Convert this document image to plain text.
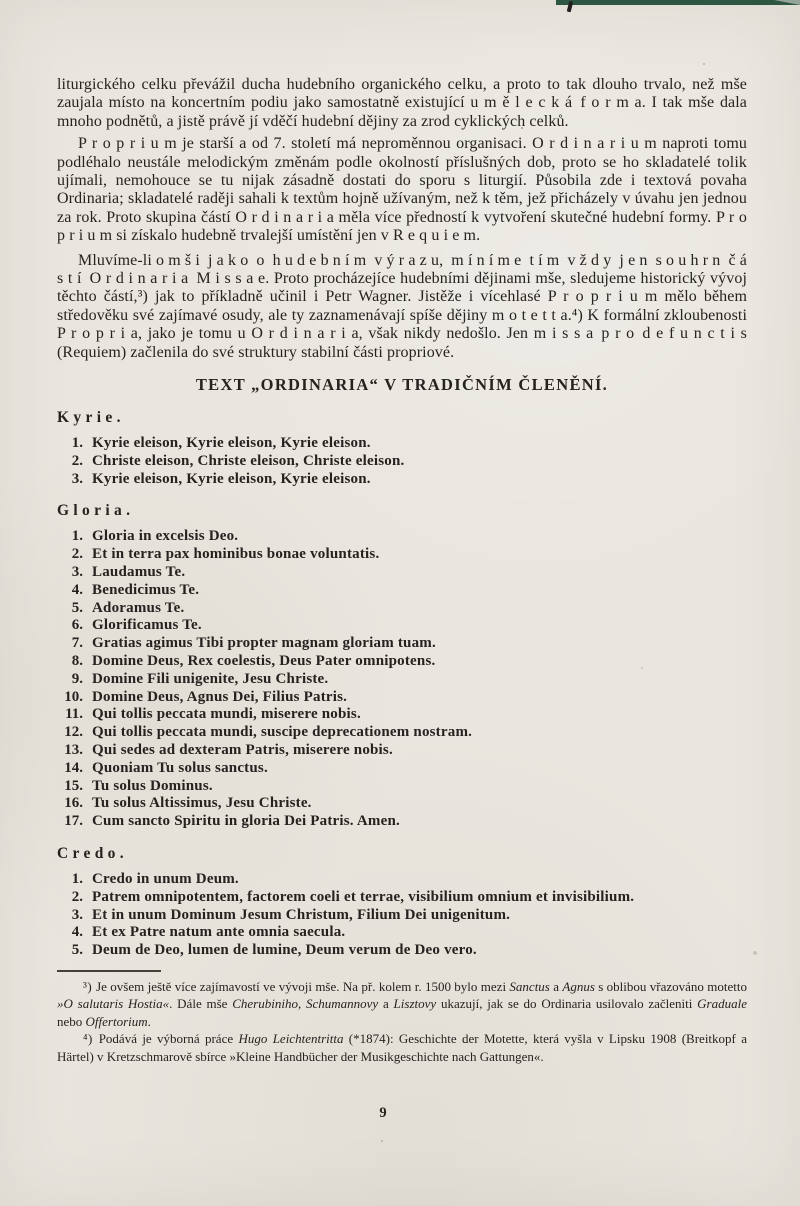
liturgického celku převážil ducha hudebního organického celku, a proto to tak dlouho trvalo, než mše zaujala místo na koncertním podiu jako samostatně existující u m ě l e c k á f o r m a. I tak mše dala mnoho podnětů, a jistě právě jí vděčí hudební dějiny za zrod cyklických celků.

P r o p r i u m je starší a od 7. století má neproměnnou organisaci. O r d i n a r i u m naproti tomu podléhalo neustále melodickým změnám podle okolností příslušných dob, proto se ho skladatelé tolik ujímali, nemohouce se tu nijak zásadně dostati do sporu s liturgií. Působila zde i textová povaha Ordinaria; skladatelé raději sahali k textům hojně užívaným, než k těm, jež přicházely v úvahu jen jednou za rok. Proto skupina částí O r d i n a r i a měla více předností k vytvoření skutečné hudební formy. P r o p r i u m si získalo hudebně trvalejší umístění jen v R e q u i e m.

Mluvíme-li o m š i j a k o o h u d e b n í m v ý r a z u, m í n í m e t í m v ž d y j e n s o u h r n č á s t í O r d i n a r i a M i s s a e. Proto procházejíce hudebními dějinami mše, sledujeme historický vývoj těchto částí,³) jak to příkladně učinil i Petr Wagner. Jistěže i vícehlasé P r o p r i u m mělo během středověku své zajímavé osudy, ale ty zaznamenávají spíše dějiny m o t e t t a.⁴) K formální zkloubenosti P r o p r i a, jako je tomu u O r d i n a r i a, však nikdy nedošlo. Jen m i s s a p r o d e f u n c t i s (Requiem) začlenila do své struktury stabilní části propriové.

TEXT „ORDINARIA“ V TRADIČNÍM ČLENĚNÍ.
Kyrie.
1. Kyrie eleison, Kyrie eleison, Kyrie eleison.
2. Christe eleison, Christe eleison, Christe eleison.
3. Kyrie eleison, Kyrie eleison, Kyrie eleison.
Gloria.
1. Gloria in excelsis Deo.
2. Et in terra pax hominibus bonae voluntatis.
3. Laudamus Te.
4. Benedicimus Te.
5. Adoramus Te.
6. Glorificamus Te.
7. Gratias agimus Tibi propter magnam gloriam tuam.
8. Domine Deus, Rex coelestis, Deus Pater omnipotens.
9. Domine Fili unigenite, Jesu Christe.
10. Domine Deus, Agnus Dei, Filius Patris.
11. Qui tollis peccata mundi, miserere nobis.
12. Qui tollis peccata mundi, suscipe deprecationem nostram.
13. Qui sedes ad dexteram Patris, miserere nobis.
14. Quoniam Tu solus sanctus.
15. Tu solus Dominus.
16. Tu solus Altissimus, Jesu Christe.
17. Cum sancto Spiritu in gloria Dei Patris. Amen.
Credo.
1. Credo in unum Deum.
2. Patrem omnipotentem, factorem coeli et terrae, visibilium omnium et invisibilium.
3. Et in unum Dominum Jesum Christum, Filium Dei unigenitum.
4. Et ex Patre natum ante omnia saecula.
5. Deum de Deo, lumen de lumine, Deum verum de Deo vero.

³) Je ovšem ještě více zajímavostí ve vývoji mše. Na př. kolem r. 1500 bylo mezi Sanctus a Agnus s oblibou vřazováno motetto »O salutaris Hostia«. Dále mše Cherubiniho, Schumannovy a Lisztovy ukazují, jak se do Ordinaria usilovalo začleniti Graduale nebo Offertorium.

⁴) Podává je výborná práce Hugo Leichtentritta (*1874): Geschichte der Motette, která vyšla v Lipsku 1908 (Breitkopf a Härtel) v Kretzschmarově sbírce »Kleine Handbücher der Musikgeschichte nach Gattungen«.

9
